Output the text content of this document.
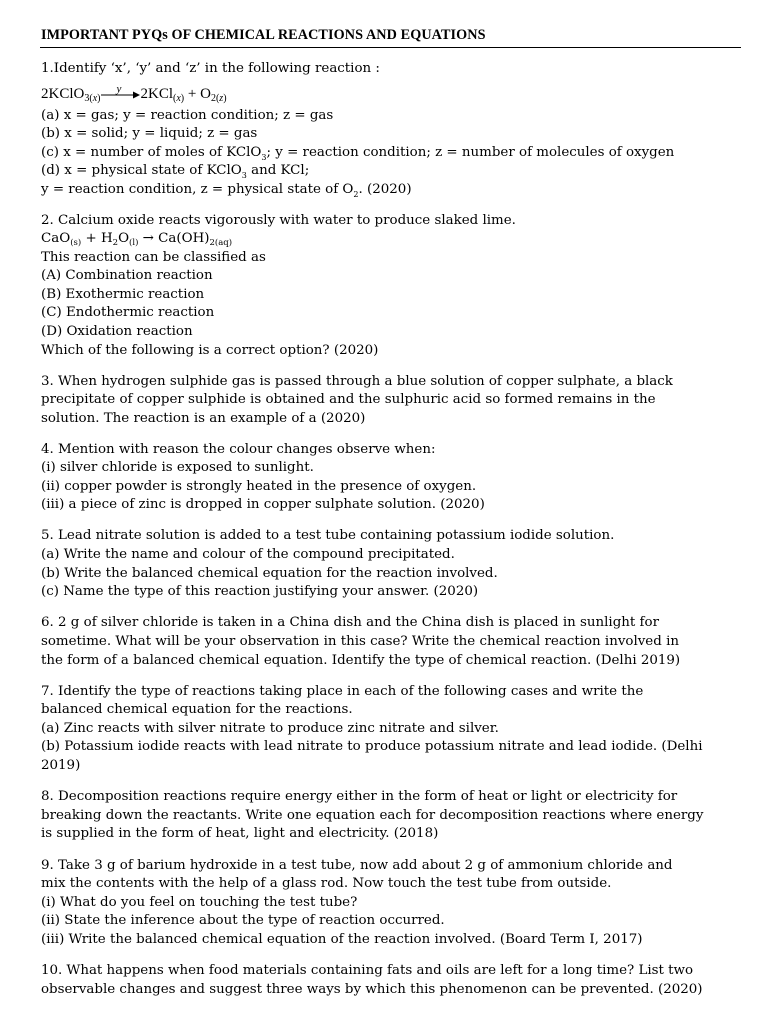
IMPORTANT PYQs OF CHEMICAL REACTIONS AND EQUATIONS
1.Identify ‘x’, ‘y’ and ‘z’ in the following reaction :
2KClO$_{3(x)}$
y $2KCl_{(x)} + O_{2(z)}$
(a) x = gas; y = reaction condition; z = gas
(b) x = solid; y = liquid; z = gas
(c) x = number of moles of KClO$_3$; y = reaction condition; z = number of molecules of oxygen
(d) x = physical state of KClO$_3$ and KCl;
y = reaction condition, z = physical state of $O_2$. (2020)
2. Calcium oxide reacts vigorously with water to produce slaked lime.
$CaO_{(s)} + H_2O_{(l)} \to Ca(OH)_{2(aq)}$
This reaction can be classified as
(A) Combination reaction
(B) Exothermic reaction
(C) Endothermic reaction
(D) Oxidation reaction
Which of the following is a correct option? (2020)
3. When hydrogen sulphide gas is passed through a blue solution of copper sulphate, a black
precipitate of copper sulphide is obtained and the sulphuric acid so formed remains in the
solution. The reaction is an example of a (2020)
4. Mention with reason the colour changes observe when:
(i) silver chloride is exposed to sunlight.
(ii) copper powder is strongly heated in the presence of oxygen.
(iii) a piece of zinc is dropped in copper sulphate solution. (2020)
5. Lead nitrate solution is added to a test tube containing potassium iodide solution.
(a) Write the name and colour of the compound precipitated.
(b) Write the balanced chemical equation for the reaction involved.
(c) Name the type of this reaction justifying your answer. (2020)
6. 2 g of silver chloride is taken in a China dish and the China dish is placed in sunlight for
sometime. What will be your observation in this case? Write the chemical reaction involved in
the form of a balanced chemical equation. Identify the type of chemical reaction. (Delhi 2019)
7. Identify the type of reactions taking place in each of the following cases and write the
balanced chemical equation for the reactions.
(a) Zinc reacts with silver nitrate to produce zinc nitrate and silver.
(b) Potassium iodide reacts with lead nitrate to produce potassium nitrate and lead iodide. (Delhi
2019)
8. Decomposition reactions require energy either in the form of heat or light or electricity for
breaking down the reactants. Write one equation each for decomposition reactions where energy
is supplied in the form of heat, light and electricity. (2018)
9. Take 3 g of barium hydroxide in a test tube, now add about 2 g of ammonium chloride and
mix the contents with the help of a glass rod. Now touch the test tube from outside.
(i) What do you feel on touching the test tube?
(ii) State the inference about the type of reaction occurred.
(iii) Write the balanced chemical equation of the reaction involved. (Board Term I, 2017)
10. What happens when food materials containing fats and oils are left for a long time? List two
observable changes and suggest three ways by which this phenomenon can be prevented. (2020)
